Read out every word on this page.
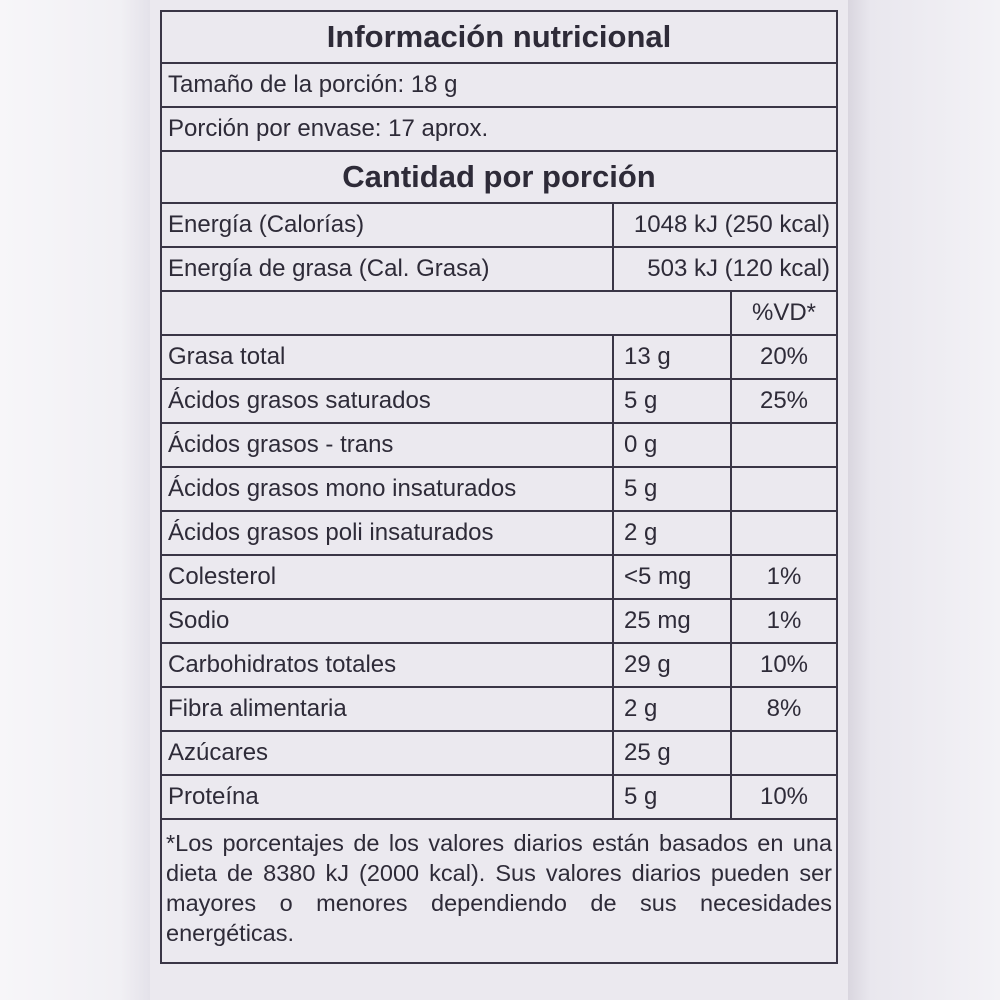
Información nutricional		
Tamaño de la porción: 18 g		
Porción por envase: 17 aprox.		
Cantidad por porción		
Energía (Calorías)	1048 kJ (250 kcal)	
Energía de grasa (Cal. Grasa)	503 kJ (120 kcal)	
		%VD*
Grasa total	13 g	20%
Ácidos grasos saturados	5 g	25%
Ácidos grasos - trans	0 g	
Ácidos grasos mono insaturados	5 g	
Ácidos grasos poli insaturados	2 g	
Colesterol	<5 mg	1%
Sodio	25 mg	1%
Carbohidratos totales	29 g	10%
Fibra alimentaria	2 g	8%
Azúcares	25 g	
Proteína	5 g	10%
*Los porcentajes de los valores diarios están basados en una dieta de 8380 kJ (2000 kcal). Sus valores diarios pueden ser mayores o menores dependiendo de sus necesidades energéticas.		
